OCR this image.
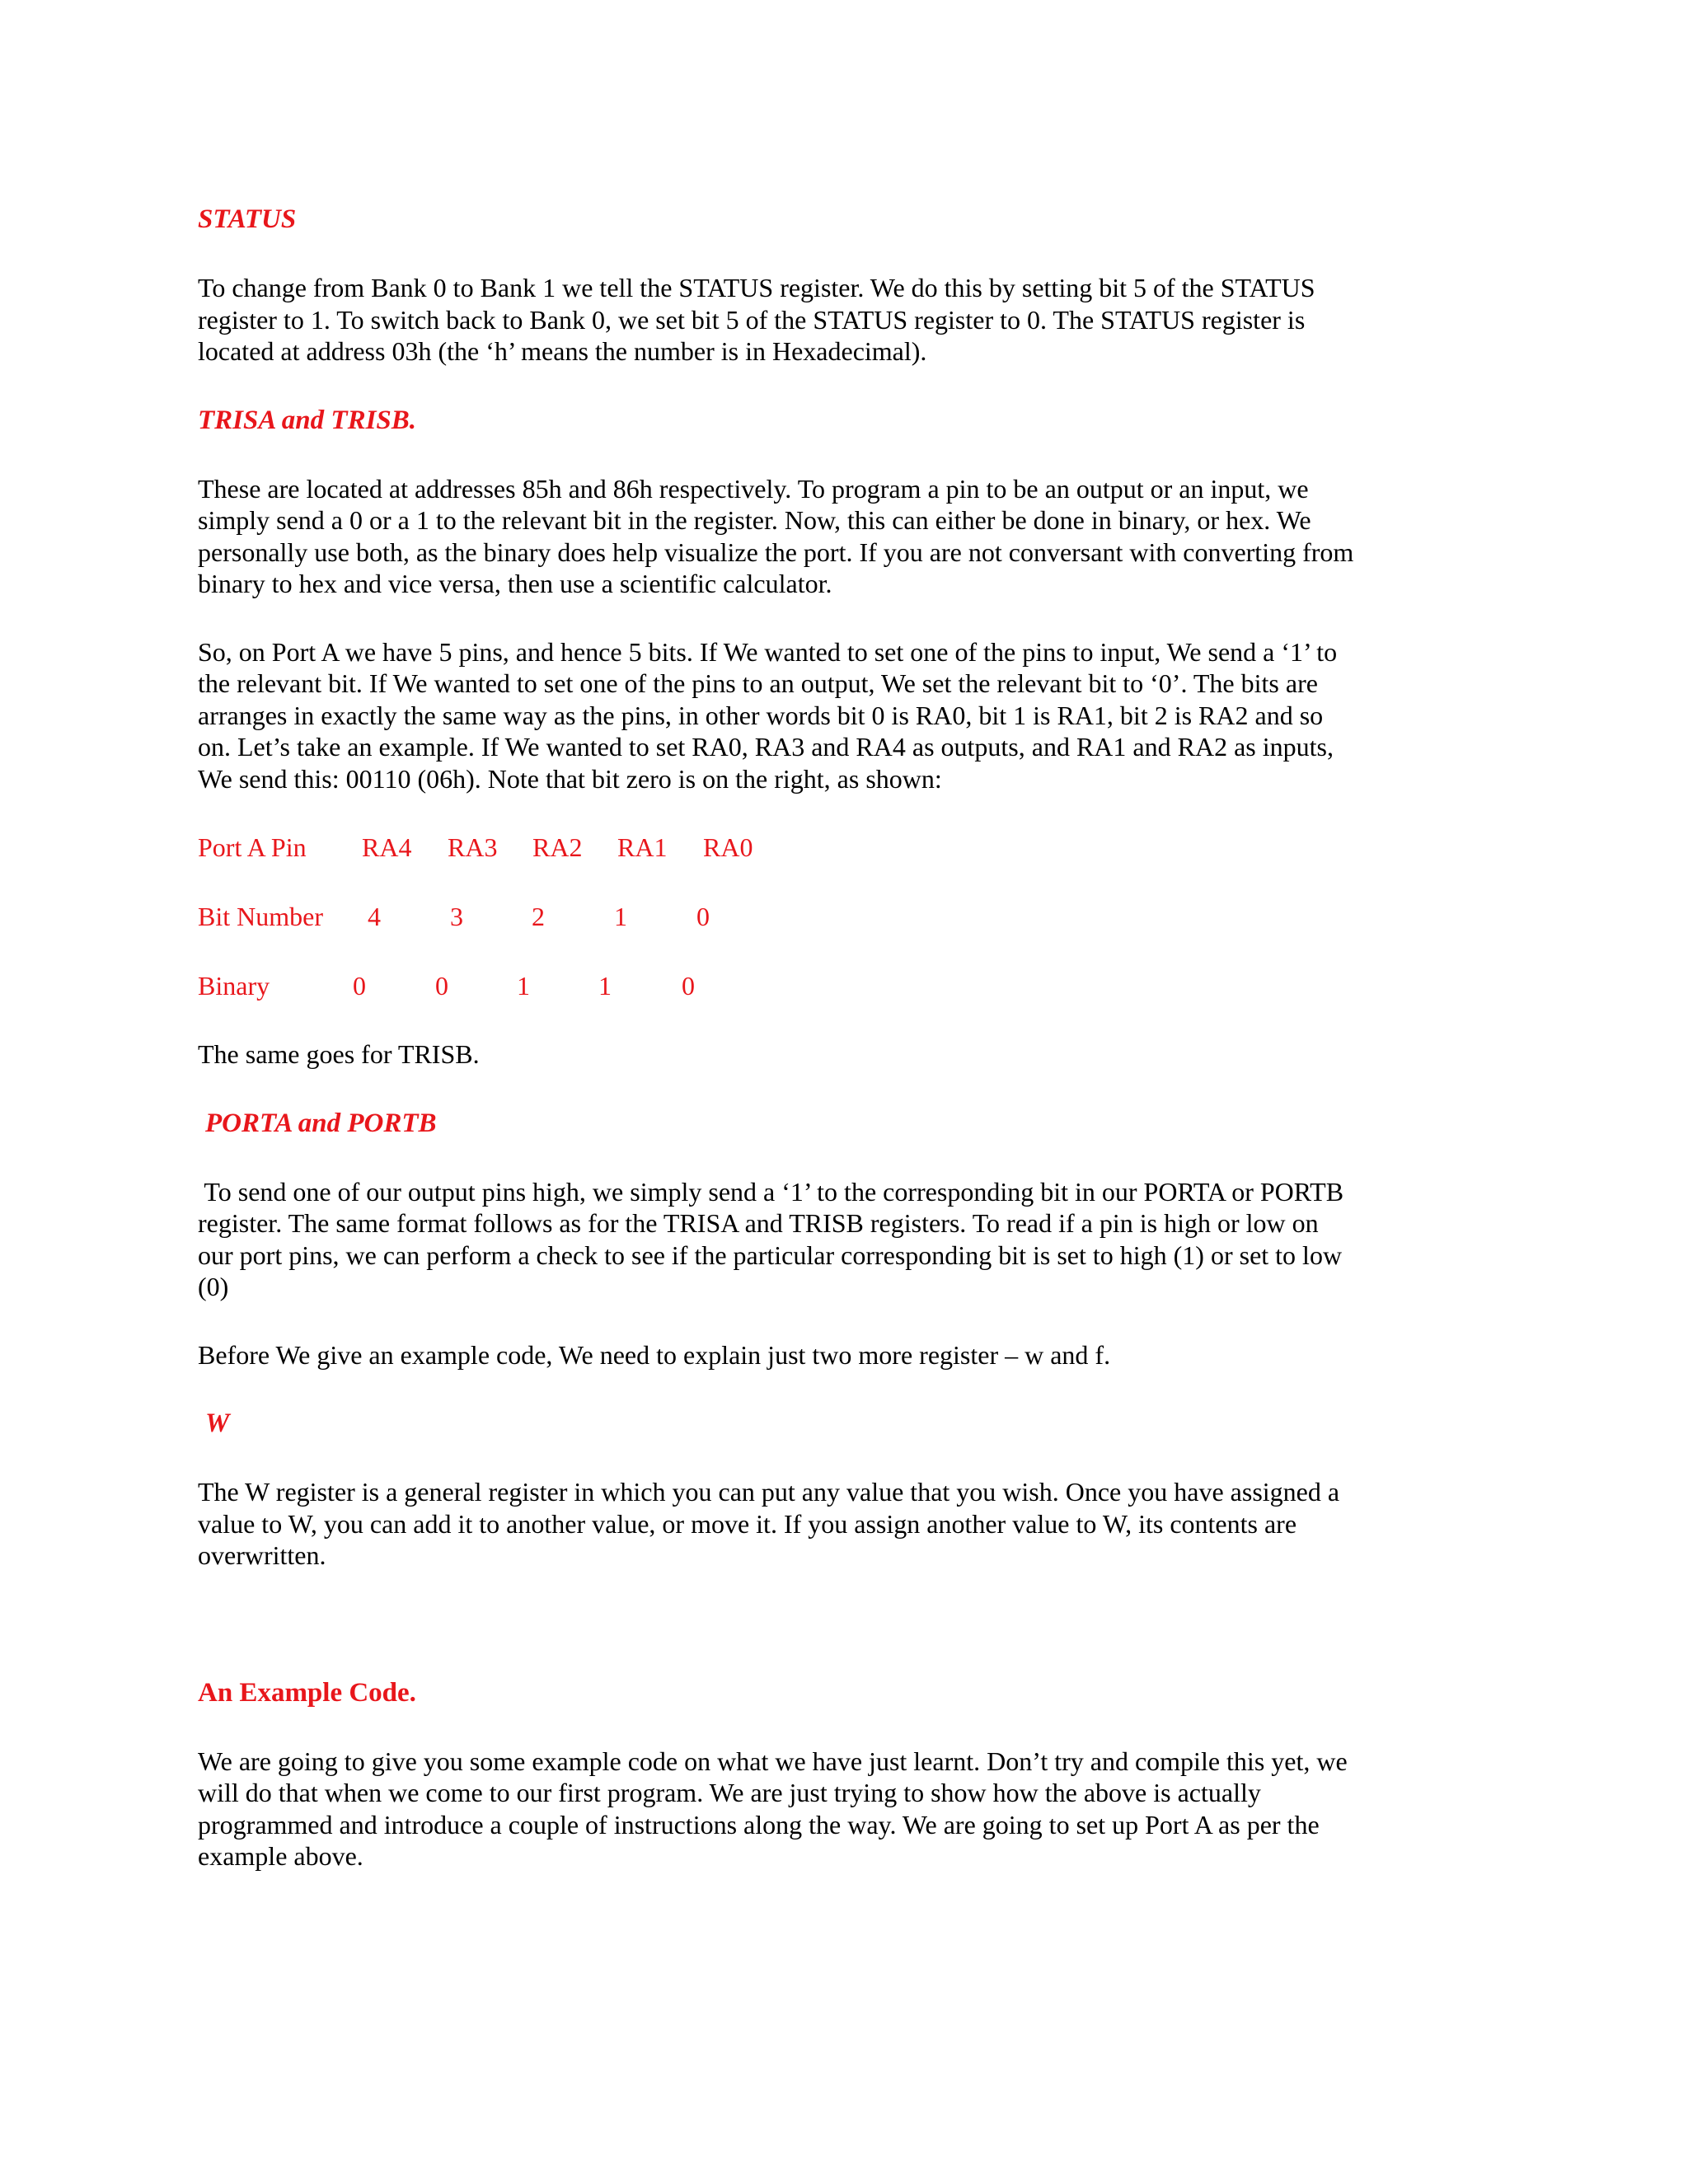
STATUS

To change from Bank 0 to Bank 1 we tell the STATUS register. We do this by setting bit 5 of the STATUS
register to 1. To switch back to Bank 0, we set bit 5 of the STATUS register to 0. The STATUS register is
located at address 03h (the ‘h’ means the number is in Hexadecimal).

TRISA and TRISB.

These are located at addresses 85h and 86h respectively. To program a pin to be an output or an input, we
simply send a 0 or a 1 to the relevant bit in the register. Now, this can either be done in binary, or hex. We
personally use both, as the binary does help visualize the port. If you are not conversant with converting from
binary to hex and vice versa, then use a scientific calculator.

So, on Port A we have 5 pins, and hence 5 bits. If We wanted to set one of the pins to input, We send a ‘1’ to
the relevant bit. If We wanted to set one of the pins to an output, We set the relevant bit to ‘0’. The bits are
arranges in exactly the same way as the pins, in other words bit 0 is RA0, bit 1 is RA1, bit 2 is RA2 and so
on. Let’s take an example. If We wanted to set RA0, RA3 and RA4 as outputs, and RA1 and RA2 as inputs,
We send this: 00110 (06h). Note that bit zero is on the right, as shown:

Port A Pin RA4 RA3 RA2 RA1 RA0
Bit Number 4	3	2	1	0
Binary	0	0	1	1	0

The same goes for TRISB.

PORTA and PORTB

To send one of our output pins high, we simply send a ‘1’ to the corresponding bit in our PORTA or PORTB
register. The same format follows as for the TRISA and TRISB registers. To read if a pin is high or low on
our port pins, we can perform a check to see if the particular corresponding bit is set to high (1) or set to low
(0)

Before We give an example code, We need to explain just two more register – w and f.

W

The W register is a general register in which you can put any value that you wish. Once you have assigned a
value to W, you can add it to another value, or move it. If you assign another value to W, its contents are
overwritten.

An Example Code.

We are going to give you some example code on what we have just learnt. Don’t try and compile this yet, we
will do that when we come to our first program. We are just trying to show how the above is actually
programmed and introduce a couple of instructions along the way. We are going to set up Port A as per the
example above.
